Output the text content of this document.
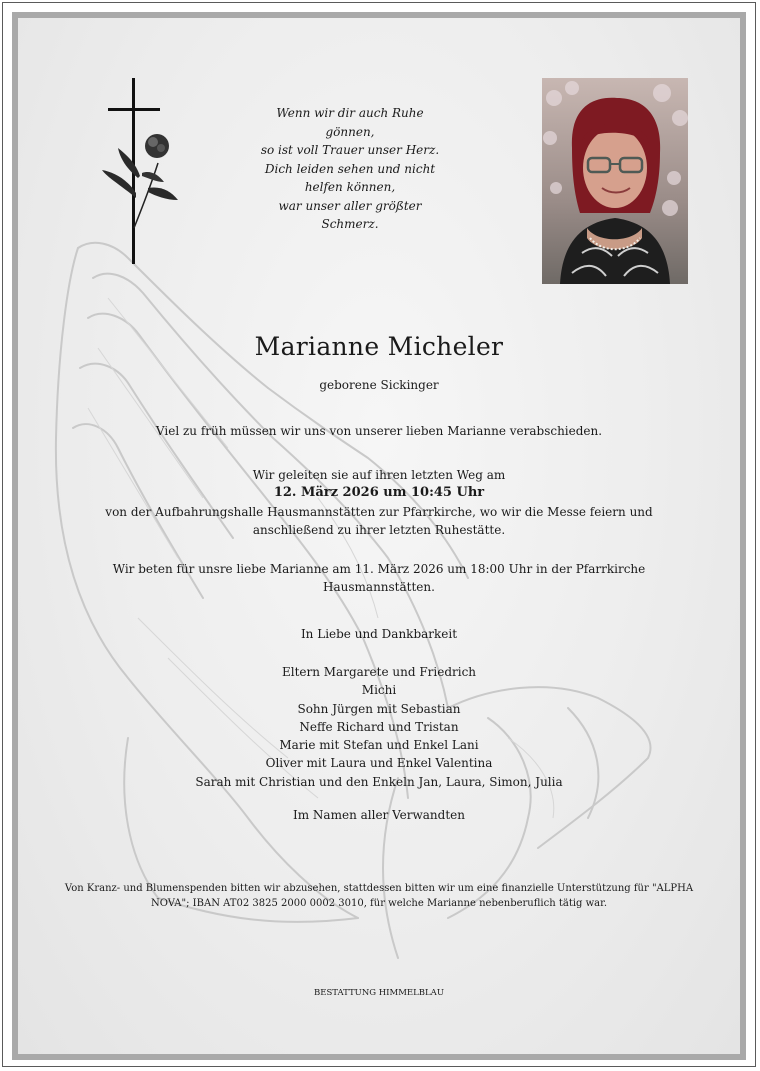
Wenn wir dir auch Ruhe
gönnen,
so ist voll Trauer unser Herz.
Dich leiden sehen und nicht
helfen können,
war unser aller größter
Schmerz.
Marianne Micheler
geborene Sickinger
Viel zu früh müssen wir uns von unserer lieben Marianne verabschieden.
Wir geleiten sie auf ihren letzten Weg am
12. März 2026 um 10:45 Uhr
von der Aufbahrungshalle Hausmannstätten zur Pfarrkirche, wo wir die Messe feiern und
anschließend zu ihrer letzten Ruhestätte.
Wir beten für unsre liebe Marianne am 11. März 2026 um 18:00 Uhr in der Pfarrkirche
Hausmannstätten.
In Liebe und Dankbarkeit
Eltern Margarete und Friedrich
Michi
Sohn Jürgen mit Sebastian
Neffe Richard und Tristan
Marie mit Stefan und Enkel Lani
Oliver mit Laura und Enkel Valentina
Sarah mit Christian und den Enkeln Jan, Laura, Simon, Julia
Im Namen aller Verwandten
Von Kranz- und Blumenspenden bitten wir abzusehen, stattdessen bitten wir um eine finanzielle Unterstützung für "ALPHA
NOVA"; IBAN AT02 3825 2000 0002 3010, für welche Marianne nebenberuflich tätig war.
BESTATTUNG HIMMELBLAU
